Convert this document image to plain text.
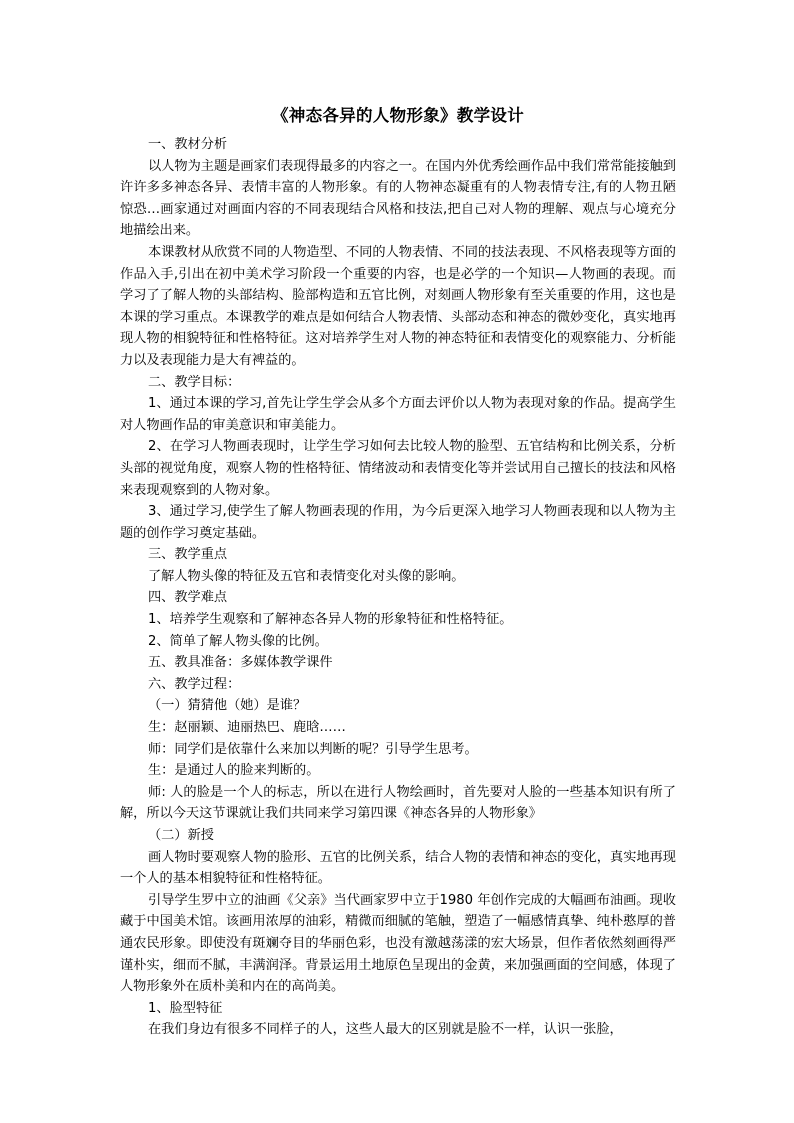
《神态各异的人物形象》教学设计
一、教材分析
以人物为主题是画家们表现得最多的内容之一。在国内外优秀绘画作品中我们常常能接触到许许多多神态各异、表情丰富的人物形象。有的人物神态凝重有的人物表情专注,有的人物丑陋惊恐…画家通过对画面内容的不同表现结合风格和技法,把自己对人物的理解、观点与心境充分地描绘出来。
本课教材从欣赏不同的人物造型、不同的人物表情、不同的技法表现、不风格表现等方面的作品入手,引出在初中美术学习阶段一个重要的内容，也是必学的一个知识—人物画的表现。而学习了了解人物的头部结构、脸部构造和五官比例，对刻画人物形象有至关重要的作用，这也是本课的学习重点。本课教学的难点是如何结合人物表情、头部动态和神态的微妙变化，真实地再现人物的相貌特征和性格特征。这对培养学生对人物的神态特征和表情变化的观察能力、分析能力以及表现能力是大有裨益的。
二、教学目标：
1、通过本课的学习,首先让学生学会从多个方面去评价以人物为表现对象的作品。提高学生对人物画作品的审美意识和审美能力。
2、在学习人物画表现时，让学生学习如何去比较人物的脸型、五官结构和比例关系，分析头部的视觉角度，观察人物的性格特征、情绪波动和表情变化等并尝试用自己擅长的技法和风格来表现观察到的人物对象。
3、通过学习,使学生了解人物画表现的作用，为今后更深入地学习人物画表现和以人物为主题的创作学习奠定基础。
三、教学重点
了解人物头像的特征及五官和表情变化对头像的影响。
四、教学难点
1、培养学生观察和了解神态各异人物的形象特征和性格特征。
2、简单了解人物头像的比例。
五、教具准备：多媒体教学课件
六、教学过程：
（一）猜猜他（她）是谁？
生：赵丽颖、迪丽热巴、鹿晗……
师：同学们是依靠什么来加以判断的呢？引导学生思考。
生：是通过人的脸来判断的。
师: 人的脸是一个人的标志，所以在进行人物绘画时，首先要对人脸的一些基本知识有所了解，所以今天这节课就让我们共同来学习第四课《神态各异的人物形象》
（二）新授
画人物时要观察人物的脸形、五官的比例关系，结合人物的表情和神态的变化，真实地再现一个人的基本相貌特征和性格特征。
引导学生罗中立的油画《父亲》当代画家罗中立于1980 年创作完成的大幅画布油画。现收藏于中国美术馆。该画用浓厚的油彩，精微而细腻的笔触，塑造了一幅感情真挚、纯朴憨厚的普通农民形象。即使没有斑斓夺目的华丽色彩，也没有激越荡漾的宏大场景，但作者依然刻画得严谨朴实，细而不腻，丰满润泽。背景运用土地原色呈现出的金黄，来加强画面的空间感，体现了人物形象外在质朴美和内在的高尚美。
1、脸型特征
在我们身边有很多不同样子的人，这些人最大的区别就是脸不一样，认识一张脸，
